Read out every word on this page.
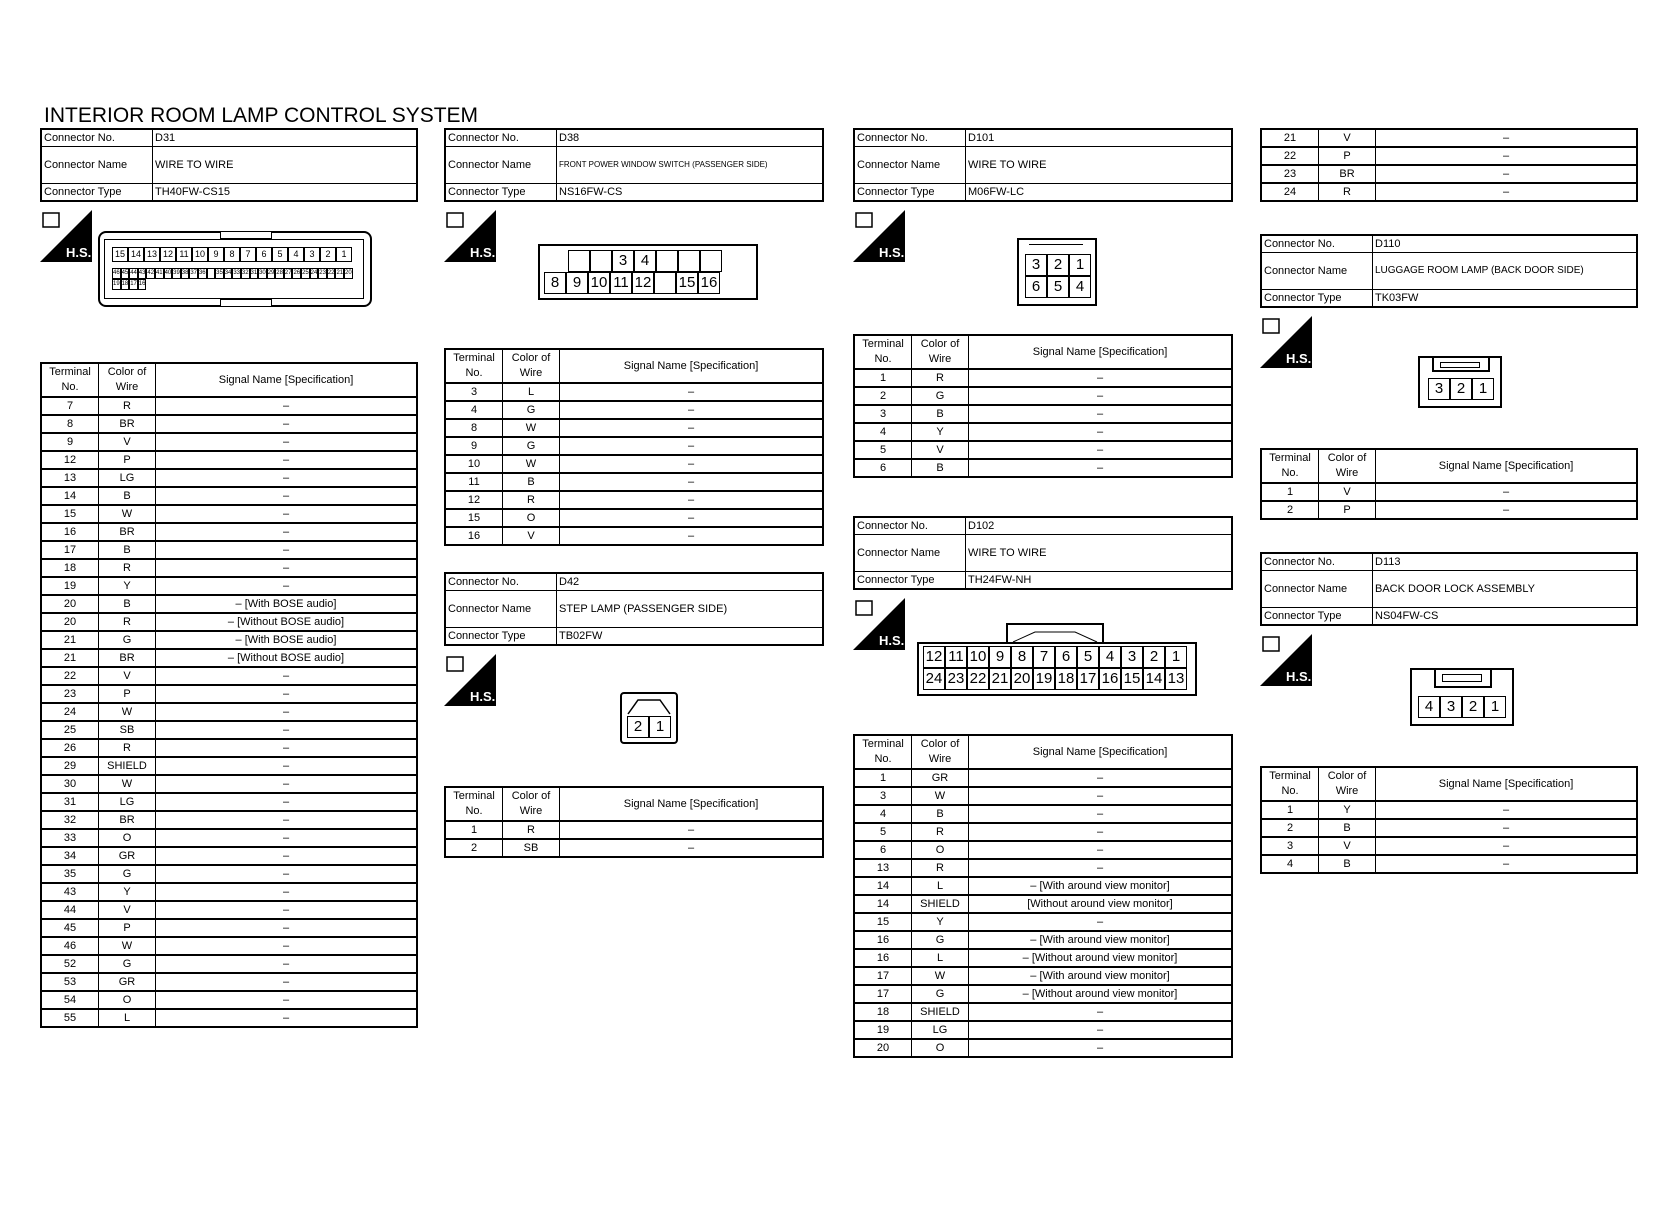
INTERIOR ROOM LAMP CONTROL SYSTEM
Connector No.	D31
Connector Name	WIRE TO WIRE
Connector Type	TH40FW-CS15
H.S.	15 14 13 12 11 10 9	8	7	6	5	4	3	2	1
46 45 44 43 42 41 40 39 38 37 36 35 34 33 32 31 30 29 28 27 26 25 24 23 22 21 20
19 18 17 16
Terminal No.	Color of Wire	Signal Name [Specification]
7	R	–
8	BR	–
9	V	–
12	P	–
13	LG	–
14	B	–
15	W	–
16	BR	–
17	B	–
18	R	–
19	Y	–
20	B	– [With BOSE audio]
20	R	– [Without BOSE audio]
21	G	– [With BOSE audio]
21	BR	– [Without BOSE audio]
22	V	–
23	P	–
24	W	–
25	SB	–
26	R	–
29	SHIELD	–
30	W	–
31	LG	–
32	BR	–
33	O	–
34	GR	–
35	G	–
43	Y	–
44	V	–
45	P	–
46	W	–
52	G	–
53	GR	–
54	O	–
55	L	–
Connector No.	D38
Connector Name	FRONT POWER WINDOW SWITCH (PASSENGER SIDE)
Connector Type	NS16FW-CS
H.S.	3 4
8 9 10 11 12 15 16
Terminal No.	Color of Wire	Signal Name [Specification]
3	L	–
4	G	–
8	W	–
9	G	–
10	W	–
11	B	–
12	R	–
15	O	–
16	V	–
Connector No.	D42
Connector Name	STEP LAMP (PASSENGER SIDE)
Connector Type	TB02FW
H.S.
2 1
Terminal No.	Color of Wire	Signal Name [Specification]
1	R	–
2	SB	–
Connector No.	D101
Connector Name	WIRE TO WIRE
Connector Type	M06FW-LC
H.S.
3 2 1
6 5 4
Terminal No.	Color of Wire	Signal Name [Specification]
1	R	–
2	G	–
3	B	–
4	Y	–
5	V	–
6	B	–
Connector No.	D102
Connector Name	WIRE TO WIRE
Connector Type	TH24FW-NH
H.S.
12 11 10 9 8 7 6 5 4 3 2 1
24 23 22 21 20 19 18 17 16 15 14 13
Terminal No.	Color of Wire	Signal Name [Specification]
1	GR	–
3	W	–
4	B	–
5	R	–
6	O	–
13	R	–
14	L	– [With around view monitor]
14	SHIELD	[Without around view monitor]
15	Y	–
16	G	– [With around view monitor]
16	L	– [Without around view monitor]
17	W	– [With around view monitor]
17	G	– [Without around view monitor]
18	SHIELD	–
19	LG	–
20	O	–
21	V	–
22	P	–
23	BR	–
24	R	–
Connector No.	D110
Connector Name	LUGGAGE ROOM LAMP (BACK DOOR SIDE)
Connector Type	TK03FW
H.S.
3 2 1
Terminal No.	Color of Wire	Signal Name [Specification]
1	V	–
2	P	–
Connector No.	D113
Connector Name	BACK DOOR LOCK ASSEMBLY
Connector Type	NS04FW-CS
H.S.
4 3 2 1
Terminal No.	Color of Wire	Signal Name [Specification]
1	Y	–
2	B	–
3	V	–
4	B	–
